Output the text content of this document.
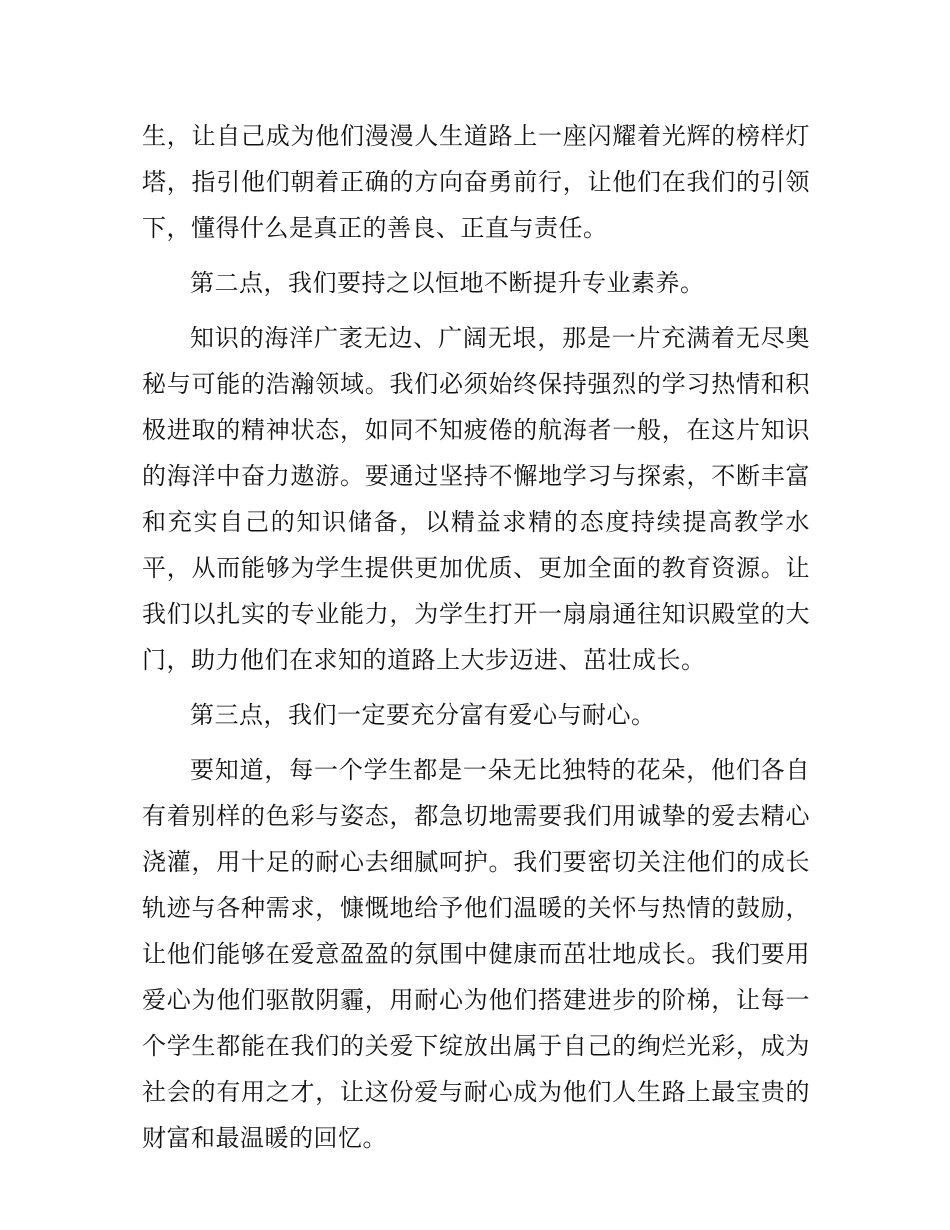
生，让自己成为他们漫漫人生道路上一座闪耀着光辉的榜样灯塔，指引他们朝着正确的方向奋勇前行，让他们在我们的引领下，懂得什么是真正的善良、正直与责任。

第二点，我们要持之以恒地不断提升专业素养。

知识的海洋广袤无边、广阔无垠，那是一片充满着无尽奥秘与可能的浩瀚领域。我们必须始终保持强烈的学习热情和积极进取的精神状态，如同不知疲倦的航海者一般，在这片知识的海洋中奋力遨游。要通过坚持不懈地学习与探索，不断丰富和充实自己的知识储备，以精益求精的态度持续提高教学水平，从而能够为学生提供更加优质、更加全面的教育资源。让我们以扎实的专业能力，为学生打开一扇扇通往知识殿堂的大门，助力他们在求知的道路上大步迈进、茁壮成长。

第三点，我们一定要充分富有爱心与耐心。

要知道，每一个学生都是一朵无比独特的花朵，他们各自有着别样的色彩与姿态，都急切地需要我们用诚挚的爱去精心浇灌，用十足的耐心去细腻呵护。我们要密切关注他们的成长轨迹与各种需求，慷慨地给予他们温暖的关怀与热情的鼓励，让他们能够在爱意盈盈的氛围中健康而茁壮地成长。我们要用爱心为他们驱散阴霾，用耐心为他们搭建进步的阶梯，让每一个学生都能在我们的关爱下绽放出属于自己的绚烂光彩，成为社会的有用之才，让这份爱与耐心成为他们人生路上最宝贵的财富和最温暖的回忆。
